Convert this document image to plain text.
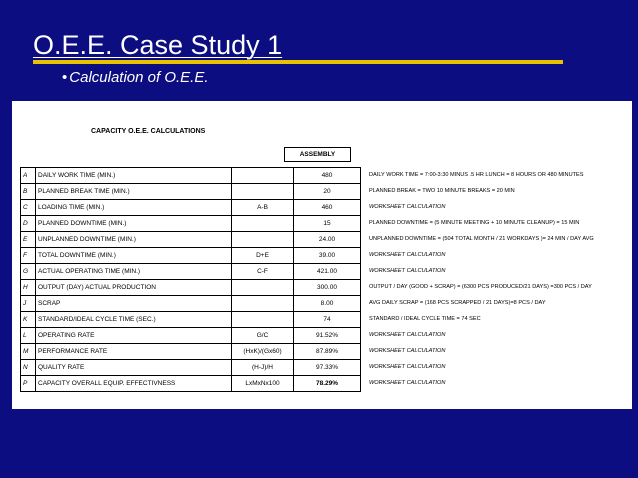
O.E.E. Case Study 1
• Calculation of O.E.E.
CAPACITY O.E.E. CALCULATIONS
ASSEMBLY
A	DAILY WORK TIME (MIN.)		480
B	PLANNED BREAK TIME (MIN.)		20
C	LOADING TIME (MIN.)	A-B	460
D	PLANNED DOWNTIME (MIN.)		15
E	UNPLANNED DOWNTIME (MIN.)		24.00
F	TOTAL DOWNTIME (MIN.)	D+E	39.00
G	ACTUAL OPERATING TIME (MIN.)	C-F	421.00
H	OUTPUT (DAY) ACTUAL PRODUCTION		300.00
J	SCRAP		8.00
K	STANDARD/IDEAL CYCLE TIME (SEC.)		74
L	OPERATING RATE	G/C	91.52%
M	PERFORMANCE RATE	(HxK)/(Gx60)	87.89%
N	QUALITY RATE	(H-J)/H	97.33%
P	CAPACITY OVERALL EQUIP. EFFECTIVNESS	LxMxNx100	78.29%
DAILY WORK TIME = 7:00-3:30 MINUS .5 HR LUNCH = 8 HOURS OR 480 MINUTES
PLANNED BREAK = TWO 10 MINUTE BREAKS = 20 MIN
WORKSHEET CALCULATION
PLANNED DOWNTIME = (5 MINUTE MEETING + 10 MINUTE CLEANUP) = 15 MIN
UNPLANNED DOWNTIME = (504 TOTAL MONTH / 21 WORKDAYS )= 24 MIN / DAY AVG
WORKSHEET CALCULATION
WORKSHEET CALCULATION
OUTPUT / DAY (GOOD + SCRAP) = (6300 PCS PRODUCED/21 DAYS) =300 PCS / DAY
AVG DAILY SCRAP = (168 PCS SCRAPPED / 21 DAYS)=8 PCS / DAY
STANDARD / IDEAL CYCLE TIME = 74 SEC
WORKSHEET CALCULATION
WORKSHEET CALCULATION
WORKSHEET CALCULATION
WORKSHEET CALCULATION
